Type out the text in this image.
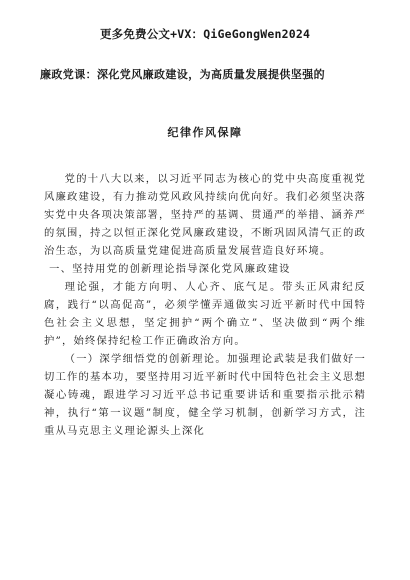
更多免费公文+VX：QiGeGongWen2024
廉政党课：深化党风廉政建设，为高质量发展提供坚强的
纪律作风保障

党的十八大以来，以习近平同志为核心的党中央高度重视党风廉政建设，有力推动党风政风持续向优向好。我们必须坚决落实党中央各项决策部署，坚持严的基调、贯通严的举措、涵养严的氛围，持之以恒正深化党风廉政建设，不断巩固风清气正的政治生态，为以高质量党建促进高质量发展营造良好环境。

一、坚持用党的创新理论指导深化党风廉政建设

理论强，才能方向明、人心齐、底气足。带头正风肃纪反腐，践行“以高促高”，必须学懂弄通做实习近平新时代中国特色社会主义思想，坚定拥护“两个确立”、坚决做到“两个维护”，始终保持纪检工作正确政治方向。

（一）深学细悟党的创新理论。加强理论武装是我们做好一切工作的基本功，要坚持用习近平新时代中国特色社会主义思想凝心铸魂，跟进学习习近平总书记重要讲话和重要指示批示精神，执行“第一议题”制度，健全学习机制，创新学习方式，注重从马克思主义理论源头上深化
